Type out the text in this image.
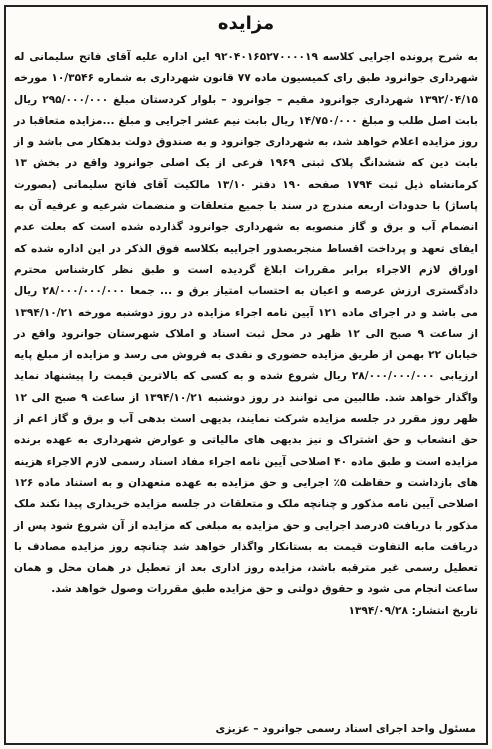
مزایده

به شرح پرونده اجرایی کلاسه ۹۲۰۴۰۱۶۵۲۷۰۰۰۰۱۹ این اداره علیه آقای فاتح سلیمانی له شهرداری جوانرود طبق رای کمیسیون ماده ۷۷ قانون شهرداری به شماره ۱۰/۳۵۴۶ مورخه ۱۳۹۲/۰۴/۱۵ شهرداری جوانرود مقیم – جوانرود – بلوار کردستان مبلغ ۲۹۵/۰۰۰/۰۰۰ ریال بابت اصل طلب و مبلغ ۱۴/۷۵۰/۰۰۰ ریال بابت نیم عشر اجرایی و مبلغ ...مزایده متعاقبا در روز مزایده اعلام خواهد شد، به شهرداری جوانرود و به صندوق دولت بدهکار می باشد و از بابت دین که ششدانگ پلاک ثبتی ۱۹۶۹ فرعی از یک اصلی جوانرود واقع در بخش ۱۳ کرمانشاه ذیل ثبت ۱۷۹۴ صفحه ۱۹۰ دفتر ۱۳/۱۰ مالکیت آقای فاتح سلیمانی (بصورت پاساژ) با حدودات اربعه مندرج در سند با جمیع متعلقات و منضمات شرعیه و عرفیه آن به انضمام آب و برق و گاز منصوبه به شهرداری جوانرود گذارده شده است که بعلت عدم ایفای تعهد و پرداخت اقساط منجربصدور اجراییه بکلاسه فوق الذکر در این اداره شده که اوراق لازم الاجراء برابر مقررات ابلاغ گردیده است و طبق نظر کارشناس محترم دادگستری ارزش عرصه و اعیان به احتساب امتیاز برق و ... جمعا ۲۸/۰۰۰/۰۰۰/۰۰۰ ریال می باشد و در اجرای ماده ۱۲۱ آیین نامه اجراء مزایده در روز دوشنبه مورخه ۱۳۹۴/۱۰/۲۱ از ساعت ۹ صبح الی ۱۲ ظهر در محل ثبت اسناد و املاک شهرستان جوانرود واقع در خیابان ۲۲ بهمن از طریق مزایده حضوری و نقدی به فروش می رسد و مزایده از مبلغ پایه ارزیابی ۲۸/۰۰۰/۰۰۰/۰۰۰ ریال شروع شده و به کسی که بالاترین قیمت را پیشنهاد نماید واگذار خواهد شد. طالبین می توانند در روز دوشنبه ۱۳۹۴/۱۰/۲۱ از ساعت ۹ صبح الی ۱۲ ظهر روز مقرر در جلسه مزایده شرکت نمایند، بدیهی است بدهی آب و برق و گاز اعم از حق انشعاب و حق اشتراک و نیز بدیهی های مالیاتی و عوارض شهرداری به عهده برنده مزایده است و طبق ماده ۴۰ اصلاحی آیین نامه اجراء مفاد اسناد رسمی لازم الاجراء هزینه های بازداشت و حفاظت ۵٪ اجرایی و حق مزایده به عهده متعهدان و به استناد ماده ۱۲۶ اصلاحی آیین نامه مذکور و چنانچه ملک و متعلقات در جلسه مزایده خریداری پیدا نکند ملک مذکور با دریافت ۵درصد اجرایی و حق مزایده به مبلغی که مزایده از آن شروع شود پس از دریافت مابه التفاوت قیمت به بستانکار واگذار خواهد شد چنانچه روز مزایده مصادف با تعطیل رسمی غیر مترقبه باشد، مزایده روز اداری بعد از تعطیل در همان محل و همان ساعت انجام می شود و حقوق دولتی و حق مزایده طبق مقررات وصول خواهد شد.

تاریخ انتشار: ۱۳۹۴/۰۹/۲۸

مسئول واحد اجرای اسناد رسمی جوانرود – عزیزی
